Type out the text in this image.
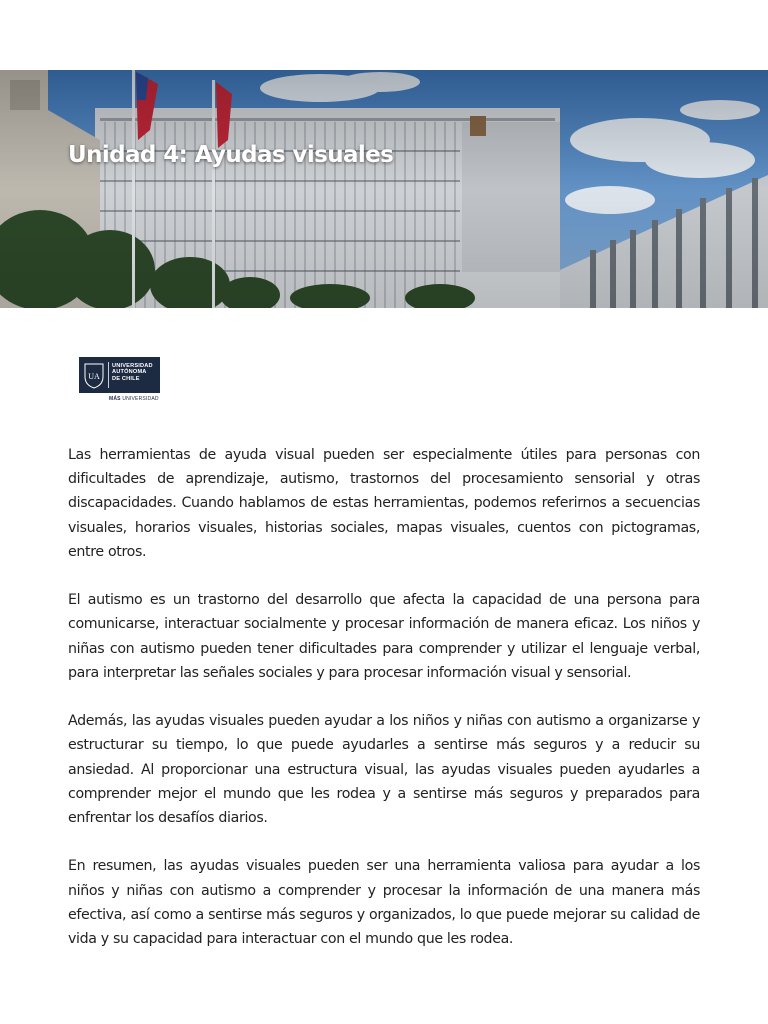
Unidad 4: Ayudas visuales
UA
UNIVERSIDAD
AUTÓNOMA
DE CHILE
MÁS UNIVERSIDAD

Las herramientas de ayuda visual pueden ser especialmente útiles para personas con dificultades de aprendizaje, autismo, trastornos del procesamiento sensorial y otras discapacidades. Cuando hablamos de estas herramientas, podemos referirnos a secuencias visuales, horarios visuales, historias sociales, mapas visuales, cuentos con pictogramas, entre otros.

El autismo es un trastorno del desarrollo que afecta la capacidad de una persona para comunicarse, interactuar socialmente y procesar información de manera eficaz. Los niños y niñas con autismo pueden tener dificultades para comprender y utilizar el lenguaje verbal, para interpretar las señales sociales y para procesar información visual y sensorial.

Además, las ayudas visuales pueden ayudar a los niños y niñas con autismo a organizarse y estructurar su tiempo, lo que puede ayudarles a sentirse más seguros y a reducir su ansiedad. Al proporcionar una estructura visual, las ayudas visuales pueden ayudarles a comprender mejor el mundo que les rodea y a sentirse más seguros y preparados para enfrentar los desafíos diarios.

En resumen, las ayudas visuales pueden ser una herramienta valiosa para ayudar a los niños y niñas con autismo a comprender y procesar la información de una manera más efectiva, así como a sentirse más seguros y organizados, lo que puede mejorar su calidad de vida y su capacidad para interactuar con el mundo que les rodea.
